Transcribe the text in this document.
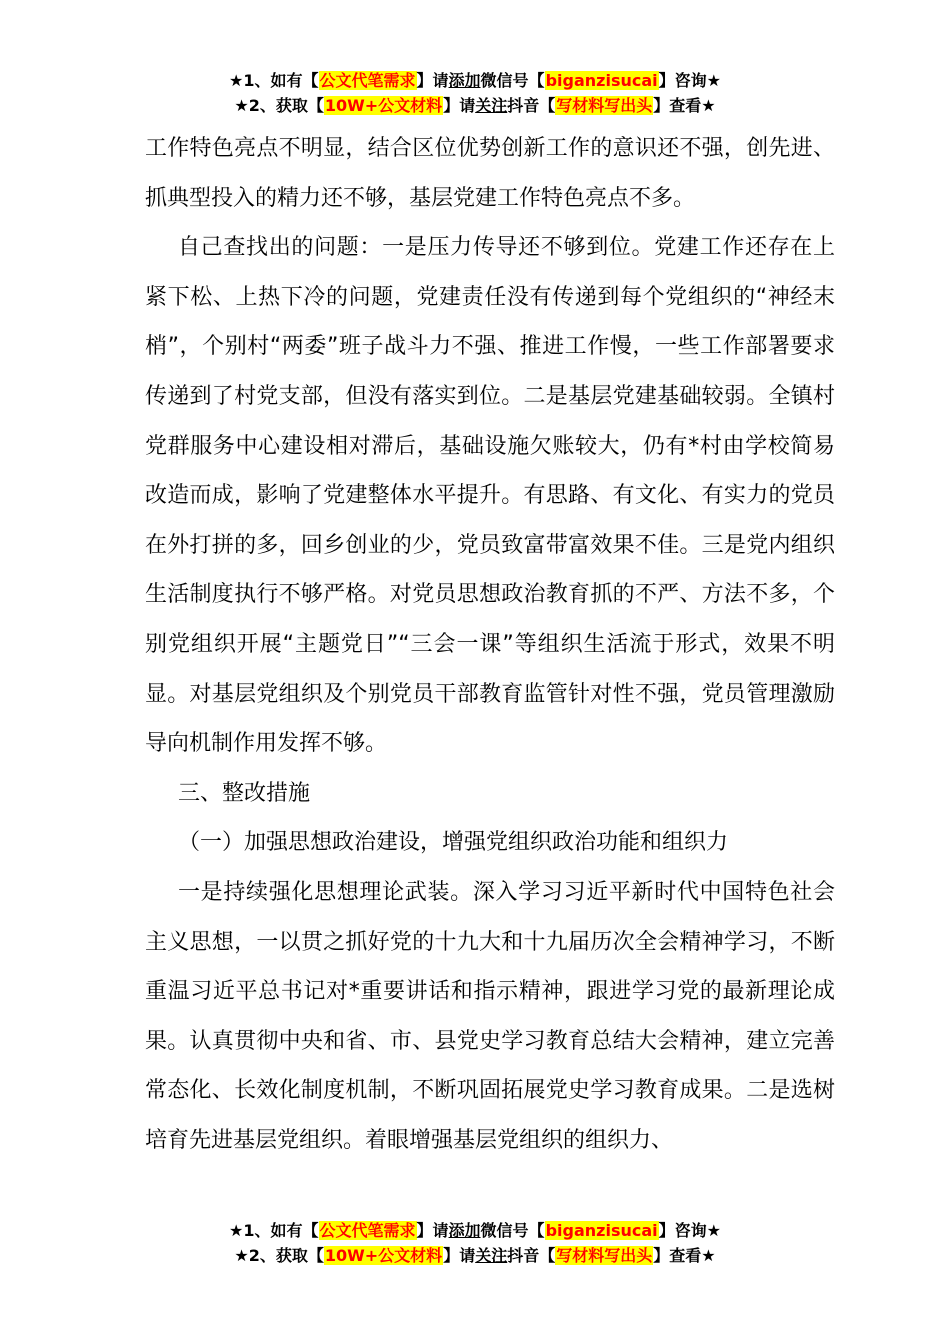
★1、如有【公文代笔需求】请添加微信号【biganzisucai】咨询★
★2、获取【10W+公文材料】请关注抖音【写材料写出头】查看★

工作特色亮点不明显，结合区位优势创新工作的意识还不强，创先进、抓典型投入的精力还不够，基层党建工作特色亮点不多。

自己查找出的问题：一是压力传导还不够到位。党建工作还存在上紧下松、上热下冷的问题，党建责任没有传递到每个党组织的“神经末梢”，个别村“两委”班子战斗力不强、推进工作慢，一些工作部署要求传递到了村党支部，但没有落实到位。二是基层党建基础较弱。全镇村党群服务中心建设相对滞后，基础设施欠账较大，仍有*村由学校简易改造而成，影响了党建整体水平提升。有思路、有文化、有实力的党员在外打拼的多，回乡创业的少，党员致富带富效果不佳。三是党内组织生活制度执行不够严格。对党员思想政治教育抓的不严、方法不多，个别党组织开展“主题党日”“三会一课”等组织生活流于形式，效果不明显。对基层党组织及个别党员干部教育监管针对性不强，党员管理激励导向机制作用发挥不够。

三、整改措施

（一）加强思想政治建设，增强党组织政治功能和组织力

一是持续强化思想理论武装。深入学习习近平新时代中国特色社会主义思想，一以贯之抓好党的十九大和十九届历次全会精神学习，不断重温习近平总书记对*重要讲话和指示精神，跟进学习党的最新理论成果。认真贯彻中央和省、市、县党史学习教育总结大会精神，建立完善常态化、长效化制度机制，不断巩固拓展党史学习教育成果。二是选树培育先进基层党组织。着眼增强基层党组织的组织力、

★1、如有【公文代笔需求】请添加微信号【biganzisucai】咨询★
★2、获取【10W+公文材料】请关注抖音【写材料写出头】查看★
